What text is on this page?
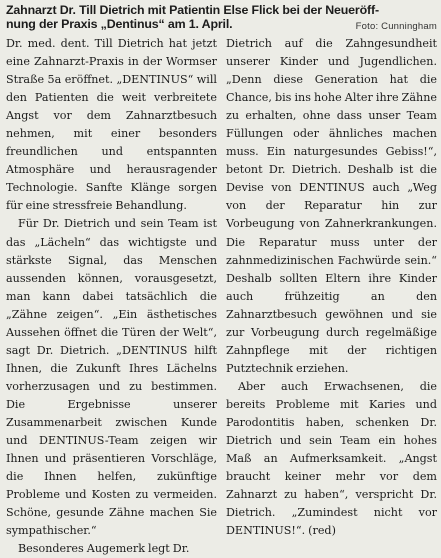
Zahnarzt Dr. Till Dietrich mit Patientin Else Flick bei der Neueröff-
nung der Praxis „Dentinus“ am 1. April.	Foto: Cunningham

Dr. med. dent. Till Dietrich hat jetzt eine Zahnarzt-Praxis in der Wormser Straße 5a eröffnet. „DENTINUS“ will den Patienten die weit verbreitete Angst vor dem Zahnarztbesuch nehmen, mit einer besonders freundlichen und entspannten Atmosphäre und herausragender Technologie. Sanfte Klänge sorgen für eine stressfreie Behandlung.

Für Dr. Dietrich und sein Team ist das „Lächeln“ das wichtigste und stärkste Signal, das Menschen aussenden können, vorausgesetzt, man kann dabei tatsächlich die „Zähne zeigen“. „Ein ästhetisches Aussehen öffnet die Türen der Welt“, sagt Dr. Dietrich. „DENTINUS hilft Ihnen, die Zukunft Ihres Lächelns vorherzusagen und zu bestimmen. Die Ergebnisse unserer Zusammenarbeit zwischen Kunde und DENTINUS-Team zeigen wir Ihnen und präsentieren Vorschläge, die Ihnen helfen, zukünftige Probleme und Kosten zu vermeiden. Schöne, gesunde Zähne machen Sie sympathischer.“

Besonderes Augemerk legt Dr.

Dietrich auf die Zahngesundheit unserer Kinder und Jugendlichen. „Denn diese Generation hat die Chance, bis ins hohe Alter ihre Zähne zu erhalten, ohne dass unser Team Füllungen oder ähnliches machen muss. Ein naturgesundes Gebiss!“, betont Dr. Dietrich. Deshalb ist die Devise von DENTINUS auch „Weg von der Reparatur hin zur Vorbeugung von Zahnerkrankungen. Die Reparatur muss unter der zahnmedizinischen Fachwürde sein.“ Deshalb sollten Eltern ihre Kinder auch frühzeitig an den Zahnarztbesuch gewöhnen und sie zur Vorbeugung durch regelmäßige Zahnpflege mit der richtigen Putztechnik erziehen.

Aber auch Erwachsenen, die bereits Probleme mit Karies und Parodontitis haben, schenken Dr. Dietrich und sein Team ein hohes Maß an Aufmerksamkeit. „Angst braucht keiner mehr vor dem Zahnarzt zu haben“, verspricht Dr. Dietrich. „Zumindest nicht vor DENTINUS!“. (red)
